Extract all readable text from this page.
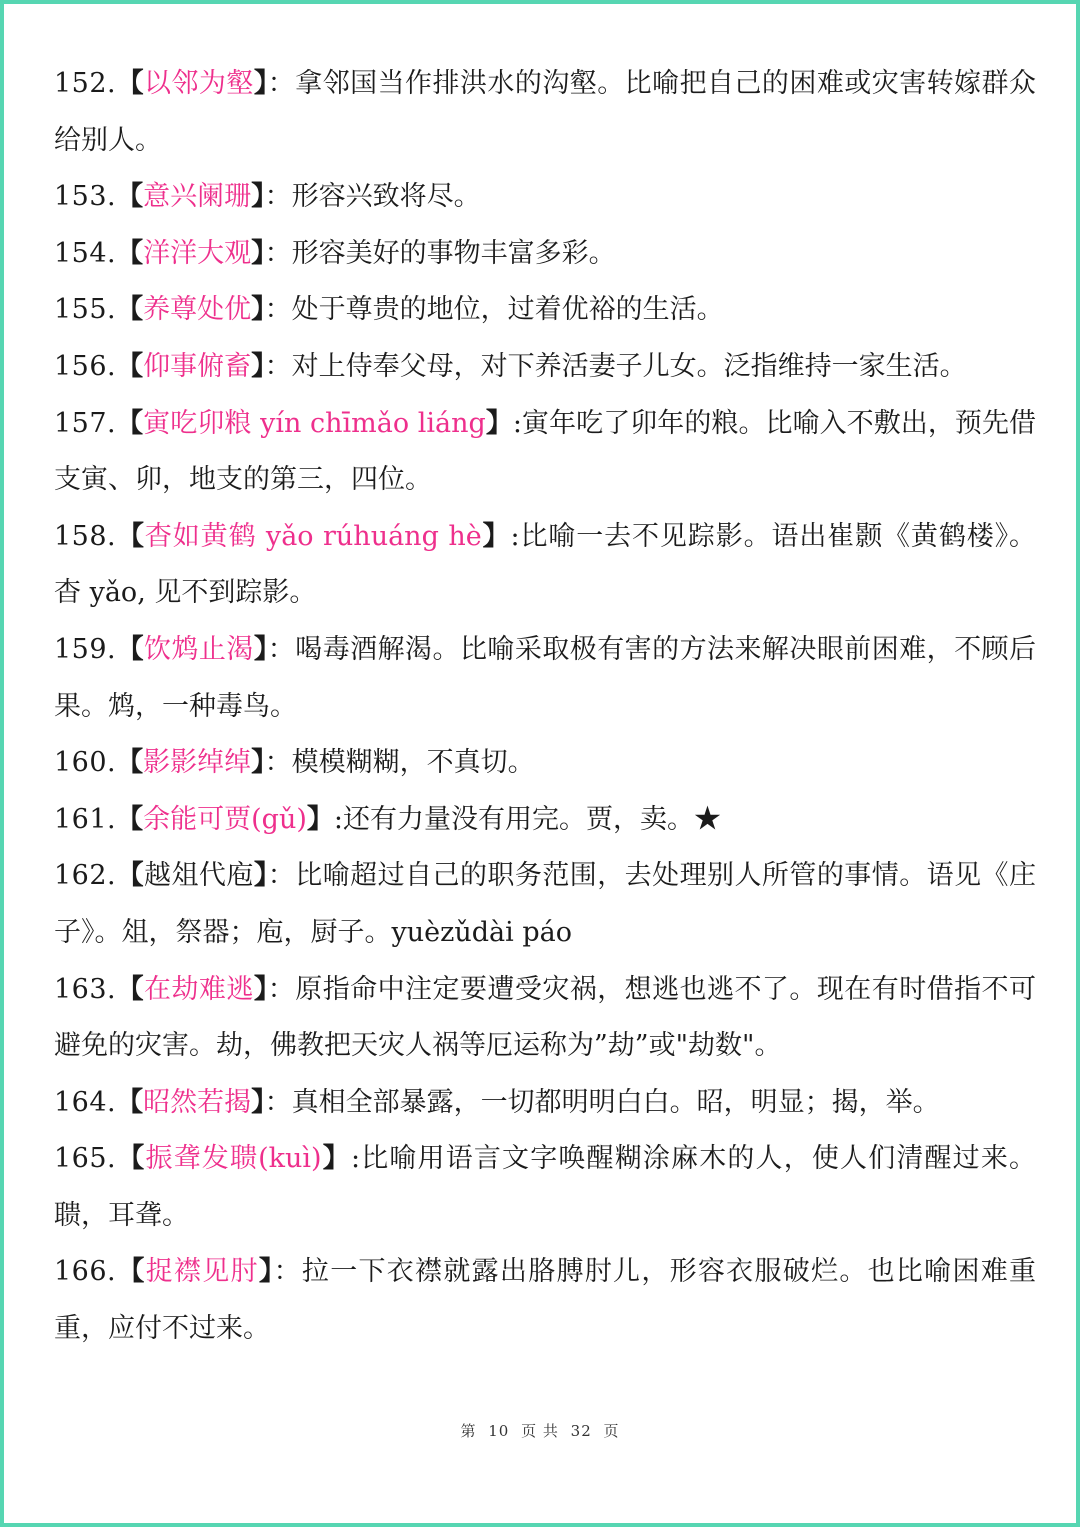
152.【以邻为壑】：拿邻国当作排洪水的沟壑。比喻把自己的困难或灾害转嫁群众给别人。

153.【意兴阑珊】：形容兴致将尽。

154.【洋洋大观】：形容美好的事物丰富多彩。

155.【养尊处优】：处于尊贵的地位，过着优裕的生活。

156.【仰事俯畜】：对上侍奉父母，对下养活妻子儿女。泛指维持一家生活。

157.【寅吃卯粮 yín chīmǎo liáng】:寅年吃了卯年的粮。比喻入不敷出，预先借支寅、卯，地支的第三，四位。

158.【杳如黄鹤 yǎo rúhuáng hè】:比喻一去不见踪影。语出崔颢《黄鹤楼》。杳 yǎo, 见不到踪影。

159.【饮鸩止渴】：喝毒酒解渴。比喻采取极有害的方法来解决眼前困难，不顾后果。鸩，一种毒鸟。

160.【影影绰绰】：模模糊糊，不真切。

161.【余能可贾(gǔ)】:还有力量没有用完。贾，卖。★

162.【越俎代庖】：比喻超过自己的职务范围，去处理别人所管的事情。语见《庄子》。俎，祭器；庖，厨子。yuèzǔdài páo

163.【在劫难逃】：原指命中注定要遭受灾祸，想逃也逃不了。现在有时借指不可避免的灾害。劫，佛教把天灾人祸等厄运称为”劫”或"劫数"。

164.【昭然若揭】：真相全部暴露，一切都明明白白。昭，明显；揭，举。

165.【振聋发聩(kuì)】:比喻用语言文字唤醒糊涂麻木的人，使人们清醒过来。聩，耳聋。

166.【捉襟见肘】：拉一下衣襟就露出胳膊肘儿，形容衣服破烂。也比喻困难重重，应付不过来。

第 10 页 共 32 页
